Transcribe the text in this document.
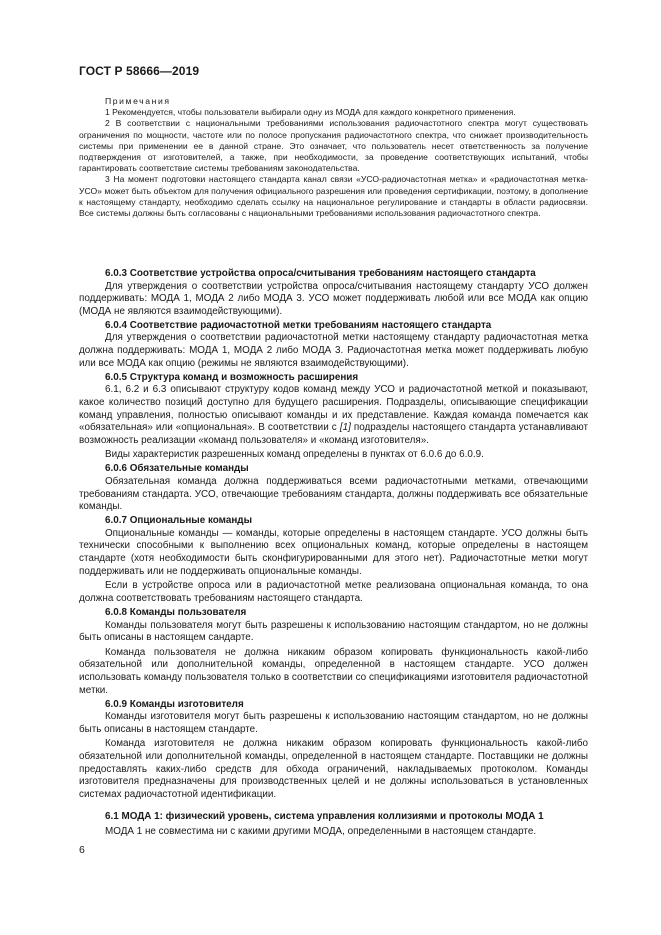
ГОСТ Р 58666—2019

Примечания

1 Рекомендуется, чтобы пользователи выбирали одну из МОДА для каждого конкретного применения.

2 В соответствии с национальными требованиями использования радиочастотного спектра могут существовать ограничения по мощности, частоте или по полосе пропускания радиочастотного спектра, что снижает производительность системы при применении ее в данной стране. Это означает, что пользователь несет ответственность за получение подтверждения от изготовителей, а также, при необходимости, за проведение соответствующих испытаний, чтобы гарантировать соответствие системы требованиям законодательства.

3 На момент подготовки настоящего стандарта канал связи «УСО-радиочастотная метка» и «радиочастотная метка-УСО» может быть объектом для получения официального разрешения или проведения сертификации, поэтому, в дополнение к настоящему стандарту, необходимо сделать ссылку на национальное регулирование и стандарты в области радиосвязи. Все системы должны быть согласованы с национальными требованиями использования радиочастотного спектра.

6.0.3 Соответствие устройства опроса/считывания требованиям настоящего стандарта

Для утверждения о соответствии устройства опроса/считывания настоящему стандарту УСО должен поддерживать: МОДА 1, МОДА 2 либо МОДА 3. УСО может поддерживать любой или все МОДА как опцию (МОДА не являются взаимодействующими).

6.0.4 Соответствие радиочастотной метки требованиям настоящего стандарта

Для утверждения о соответствии радиочастотной метки настоящему стандарту радиочастотная метка должна поддерживать: МОДА 1, МОДА 2 либо МОДА 3. Радиочастотная метка может поддерживать любую или все МОДА как опцию (режимы не являются взаимодействующими).

6.0.5 Структура команд и возможность расширения

6.1, 6.2 и 6.3 описывают структуру кодов команд между УСО и радиочастотной меткой и показывают, какое количество позиций доступно для будущего расширения. Подразделы, описывающие спецификации команд управления, полностью описывают команды и их представление. Каждая команда помечается как «обязательная» или «опциональная». В соответствии с [1] подразделы настоящего стандарта устанавливают возможность реализации «команд пользователя» и «команд изготовителя».

Виды характеристик разрешенных команд определены в пунктах от 6.0.6 до 6.0.9.

6.0.6 Обязательные команды

Обязательная команда должна поддерживаться всеми радиочастотными метками, отвечающими требованиям стандарта. УСО, отвечающие требованиям стандарта, должны поддерживать все обязательные команды.

6.0.7 Опциональные команды

Опциональные команды — команды, которые определены в настоящем стандарте. УСО должны быть технически способными к выполнению всех опциональных команд, которые определены в настоящем стандарте (хотя необходимости быть сконфигурированными для этого нет). Радиочастотные метки могут поддерживать или не поддерживать опциональные команды.

Если в устройстве опроса или в радиочастотной метке реализована опциональная команда, то она должна соответствовать требованиям настоящего стандарта.

6.0.8 Команды пользователя

Команды пользователя могут быть разрешены к использованию настоящим стандартом, но не должны быть описаны в настоящем сандарте.

Команда пользователя не должна никаким образом копировать функциональность какой-либо обязательной или дополнительной команды, определенной в настоящем стандарте. УСО должен использовать команду пользователя только в соответствии со спецификациями изготовителя радиочастотной метки.

6.0.9 Команды изготовителя

Команды изготовителя могут быть разрешены к использованию настоящим стандартом, но не должны быть описаны в настоящем стандарте.

Команда изготовителя не должна никаким образом копировать функциональность какой-либо обязательной или дополнительной команды, определенной в настоящем стандарте. Поставщики не должны предоставлять каких-либо средств для обхода ограничений, накладываемых протоколом. Команды изготовителя предназначены для производственных целей и не должны использоваться в установленных системах радиочастотной идентификации.

6.1 МОДА 1: физический уровень, система управления коллизиями и протоколы МОДА 1

МОДА 1 не совместима ни с какими другими МОДА, определенными в настоящем стандарте.

6
